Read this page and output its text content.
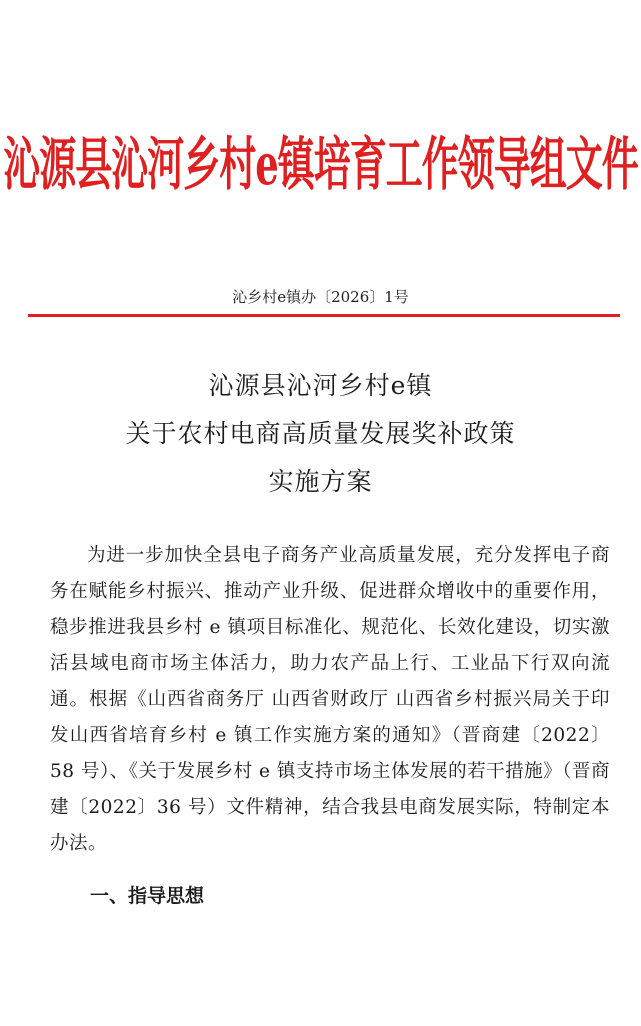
沁源县沁河乡村e镇培育工作领导组文件
沁乡村e镇办〔2026〕1号
沁源县沁河乡村e镇
关于农村电商高质量发展奖补政策
实施方案
为进一步加快全县电子商务产业高质量发展，充分发挥电子商务在赋能乡村振兴、推动产业升级、促进群众增收中的重要作用，稳步推进我县乡村 e 镇项目标准化、规范化、长效化建设，切实激活县域电商市场主体活力，助力农产品上行、工业品下行双向流通。根据《山西省商务厅 山西省财政厅 山西省乡村振兴局关于印发山西省培育乡村 e 镇工作实施方案的通知》（晋商建〔2022〕58 号）、《关于发展乡村 e 镇支持市场主体发展的若干措施》（晋商建〔2022〕36 号）文件精神，结合我县电商发展实际，特制定本办法。
一、指导思想
